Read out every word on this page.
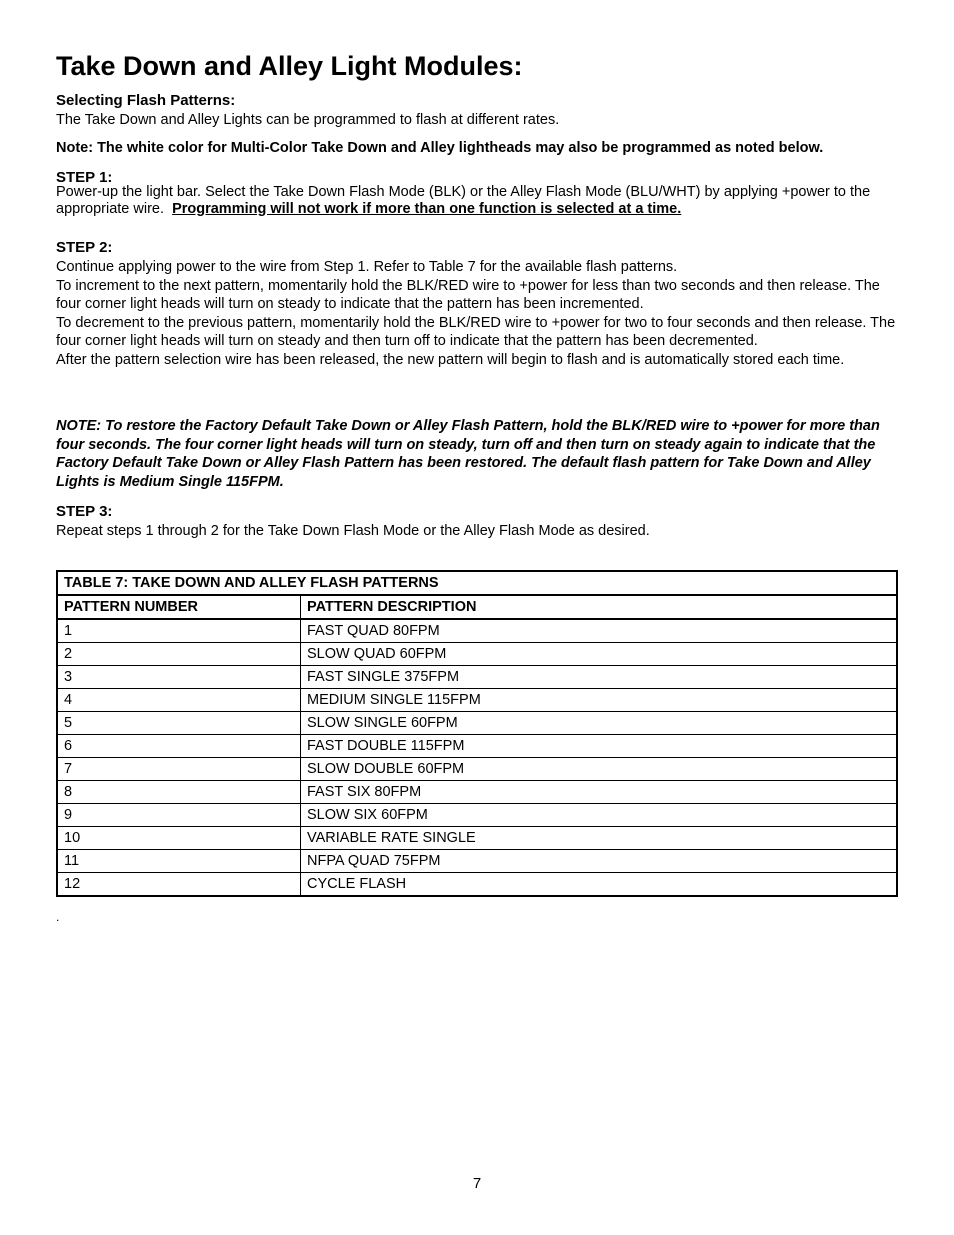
Take Down and Alley Light Modules:
Selecting Flash Patterns:
The Take Down and Alley Lights can be programmed to flash at different rates.
Note: The white color for Multi-Color Take Down and Alley lightheads may also be programmed as noted below.
STEP 1:
Power-up the light bar. Select the Take Down Flash Mode (BLK) or the Alley Flash Mode (BLU/WHT) by applying +power to the appropriate wire. Programming will not work if more than one function is selected at a time.
STEP 2:
Continue applying power to the wire from Step 1. Refer to Table 7 for the available flash patterns.
To increment to the next pattern, momentarily hold the BLK/RED wire to +power for less than two seconds and then release. The four corner light heads will turn on steady to indicate that the pattern has been incremented.
To decrement to the previous pattern, momentarily hold the BLK/RED wire to +power for two to four seconds and then release. The four corner light heads will turn on steady and then turn off to indicate that the pattern has been decremented.
After the pattern selection wire has been released, the new pattern will begin to flash and is automatically stored each time.
NOTE: To restore the Factory Default Take Down or Alley Flash Pattern, hold the BLK/RED wire to +power for more than four seconds. The four corner light heads will turn on steady, turn off and then turn on steady again to indicate that the Factory Default Take Down or Alley Flash Pattern has been restored. The default flash pattern for Take Down and Alley Lights is Medium Single 115FPM.
STEP 3:
Repeat steps 1 through 2 for the Take Down Flash Mode or the Alley Flash Mode as desired.
TABLE 7: TAKE DOWN AND ALLEY FLASH PATTERNS	
PATTERN NUMBER	PATTERN DESCRIPTION
1	FAST QUAD 80FPM
2	SLOW QUAD 60FPM
3	FAST SINGLE 375FPM
4	MEDIUM SINGLE 115FPM
5	SLOW SINGLE 60FPM
6	FAST DOUBLE 115FPM
7	SLOW DOUBLE 60FPM
8	FAST SIX 80FPM
9	SLOW SIX 60FPM
10	VARIABLE RATE SINGLE
11	NFPA QUAD 75FPM
12	CYCLE FLASH
.
7
